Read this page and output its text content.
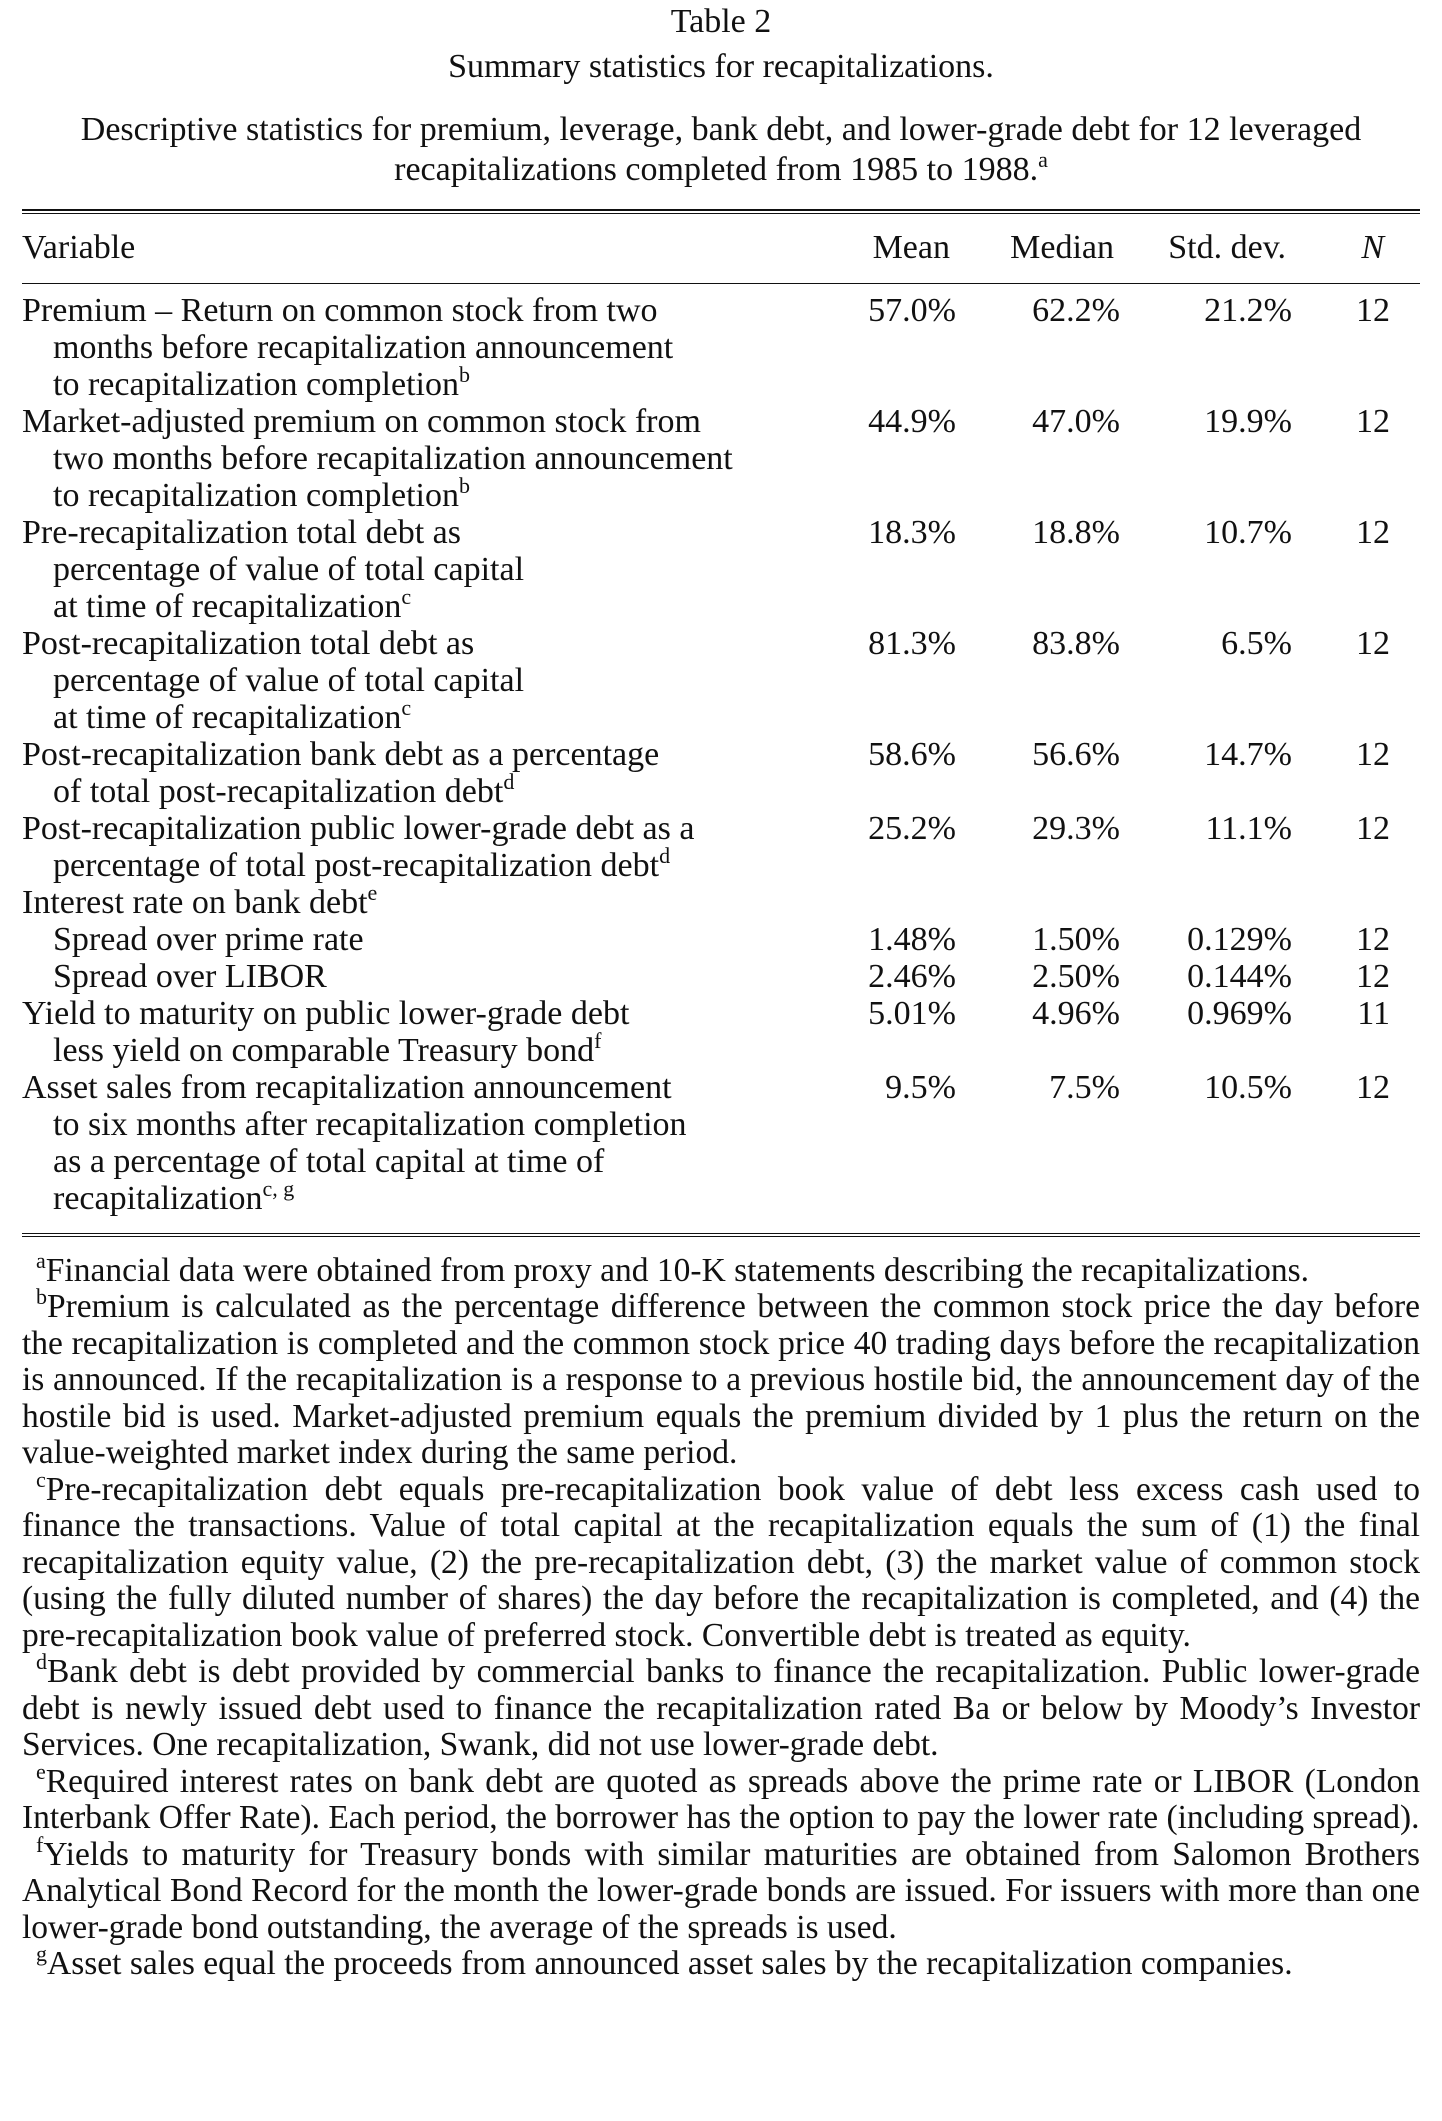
Table 2
Summary statistics for recapitalizations.
Descriptive statistics for premium, leverage, bank debt, and lower-grade debt for 12 leveraged recapitalizations completed from 1985 to 1988.$^a$
Variable	Mean	Median	Std. dev.	N
Premium – Return on common stock from two
months before recapitalization announcement
to recapitalization completion$^b$
57.0%	62.2%	21.2%	12
Market-adjusted premium on common stock from
two months before recapitalization announcement
to recapitalization completion$^b$
44.9%	47.0%	19.9%	12
Pre-recapitalization total debt as
percentage of value of total capital
at time of recapitalization$^c$
18.3%	18.8%	10.7%	12
Post-recapitalization total debt as
percentage of value of total capital
at time of recapitalization$^c$
81.3%	83.8%	6.5%	12
Post-recapitalization bank debt as a percentage
of total post-recapitalization debt$^d$
58.6%	56.6%	14.7%	12
Post-recapitalization public lower-grade debt as a
percentage of total post-recapitalization debt$^d$
25.2%	29.3%	11.1%	12
Interest rate on bank debt$^e$
Spread over prime rate	1.48%	1.50%	0.129%	12
Spread over LIBOR	2.46%	2.50%	0.144%	12
Yield to maturity on public lower-grade debt
less yield on comparable Treasury bond$^f$
5.01%	4.96%	0.969%	11
Asset sales from recapitalization announcement
to six months after recapitalization completion
as a percentage of total capital at time of
recapitalization$^{c, g}$
9.5%	7.5%	10.5%	12

$^a$Financial data were obtained from proxy and 10-K statements describing the recapitalizations.

$^b$Premium is calculated as the percentage difference between the common stock price the day before the recapitalization is completed and the common stock price 40 trading days before the recapitalization is announced. If the recapitalization is a response to a previous hostile bid, the announcement day of the hostile bid is used. Market-adjusted premium equals the premium divided by 1 plus the return on the value-weighted market index during the same period.

$^c$Pre-recapitalization debt equals pre-recapitalization book value of debt less excess cash used to finance the transactions. Value of total capital at the recapitalization equals the sum of (1) the final recapitalization equity value, (2) the pre-recapitalization debt, (3) the market value of common stock (using the fully diluted number of shares) the day before the recapitalization is completed, and (4) the pre-recapitalization book value of preferred stock. Convertible debt is treated as equity.

$^d$Bank debt is debt provided by commercial banks to finance the recapitalization. Public lower-grade debt is newly issued debt used to finance the recapitalization rated Ba or below by Moody’s Investor Services. One recapitalization, Swank, did not use lower-grade debt.

$^e$Required interest rates on bank debt are quoted as spreads above the prime rate or LIBOR (London Interbank Offer Rate). Each period, the borrower has the option to pay the lower rate (including spread).

$^f$Yields to maturity for Treasury bonds with similar maturities are obtained from Salomon Brothers Analytical Bond Record for the month the lower-grade bonds are issued. For issuers with more than one lower-grade bond outstanding, the average of the spreads is used.

$^g$Asset sales equal the proceeds from announced asset sales by the recapitalization companies.
